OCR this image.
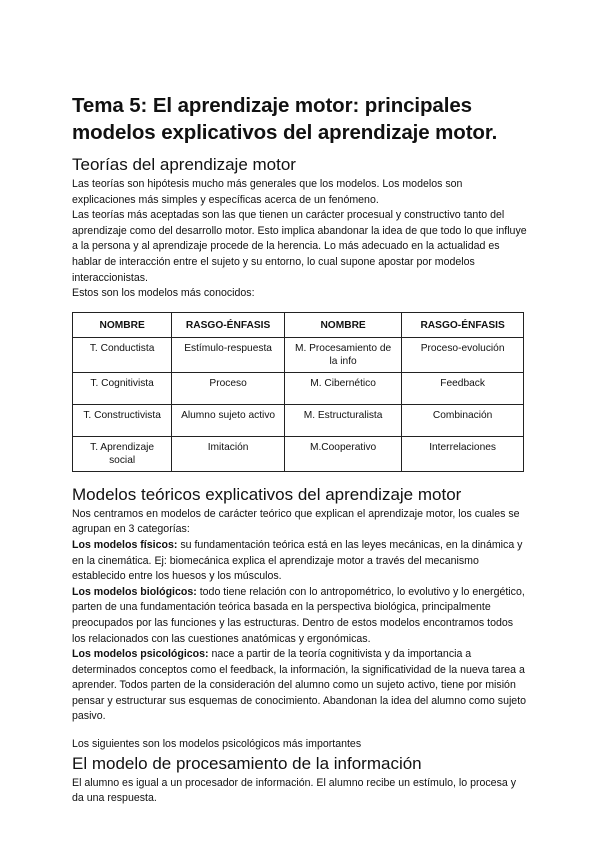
Tema 5: El aprendizaje motor: principales modelos explicativos del aprendizaje motor.
Teorías del aprendizaje motor

Las teorías son hipótesis mucho más generales que los modelos. Los modelos son explicaciones más simples y específicas acerca de un fenómeno.

Las teorías más aceptadas son las que tienen un carácter procesual y constructivo tanto del aprendizaje como del desarrollo motor. Esto implica abandonar la idea de que todo lo que influye a la persona y al aprendizaje procede de la herencia. Lo más adecuado en la actualidad es hablar de interacción entre el sujeto y su entorno, lo cual supone apostar por modelos interaccionistas.

Estos son los modelos más conocidos:

NOMBRE	RASGO-ÉNFASIS	NOMBRE	RASGO-ÉNFASIS
T. Conductista	Estímulo-respuesta	M. Procesamiento de la info	Proceso-evolución
T. Cognitivista	Proceso	M. Cibernético	Feedback
T. Constructivista	Alumno sujeto activo	M. Estructuralista	Combinación
T. Aprendizaje social	Imitación	M.Cooperativo	Interrelaciones
Modelos teóricos explicativos del aprendizaje motor

Nos centramos en modelos de carácter teórico que explican el aprendizaje motor, los cuales se agrupan en 3 categorías:

Los modelos físicos: su fundamentación teórica está en las leyes mecánicas, en la dinámica y en la cinemática. Ej: biomecánica explica el aprendizaje motor a través del mecanismo establecido entre los huesos y los músculos.

Los modelos biológicos: todo tiene relación con lo antropométrico, lo evolutivo y lo energético, parten de una fundamentación teórica basada en la perspectiva biológica, principalmente preocupados por las funciones y las estructuras. Dentro de estos modelos encontramos todos los relacionados con las cuestiones anatómicas y ergonómicas.

Los modelos psicológicos: nace a partir de la teoría cognitivista y da importancia a determinados conceptos como el feedback, la información, la significatividad de la nueva tarea a aprender. Todos parten de la consideración del alumno como un sujeto activo, tiene por misión pensar y estructurar sus esquemas de conocimiento. Abandonan la idea del alumno como sujeto pasivo.

Los siguientes son los modelos psicológicos más importantes

El modelo de procesamiento de la información

El alumno es igual a un procesador de información. El alumno recibe un estímulo, lo procesa y da una respuesta.
